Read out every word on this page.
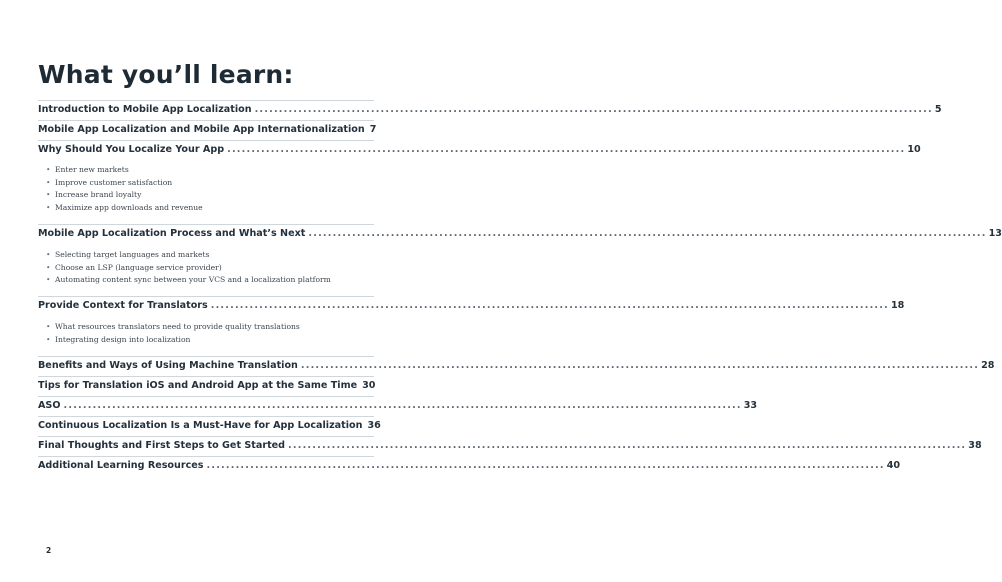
What you’ll learn:
Introduction to Mobile App Localization .....	5
Mobile App Localization and Mobile App Internationalization 7
Why Should You Localize Your App .....	10
• Enter new markets
• Improve customer satisfaction
• Increase brand loyalty
• Maximize app downloads and revenue
Mobile App Localization Process and What’s Next .....	13
• Selecting target languages and markets
• Choose an LSP (language service provider)
• Automating content sync between your VCS and a localization platform
Provide Context for Translators .....	18
• What resources translators need to provide quality translations
• Integrating design into localization
Benefits and Ways of Using Machine Translation .....	28
Tips for Translation iOS and Android App at the Same Time 30
ASO .....	33
Continuous Localization Is a Must-Have for App Localization 36
Final Thoughts and First Steps to Get Started .....	38
Additional Learning Resources .....	40
2
